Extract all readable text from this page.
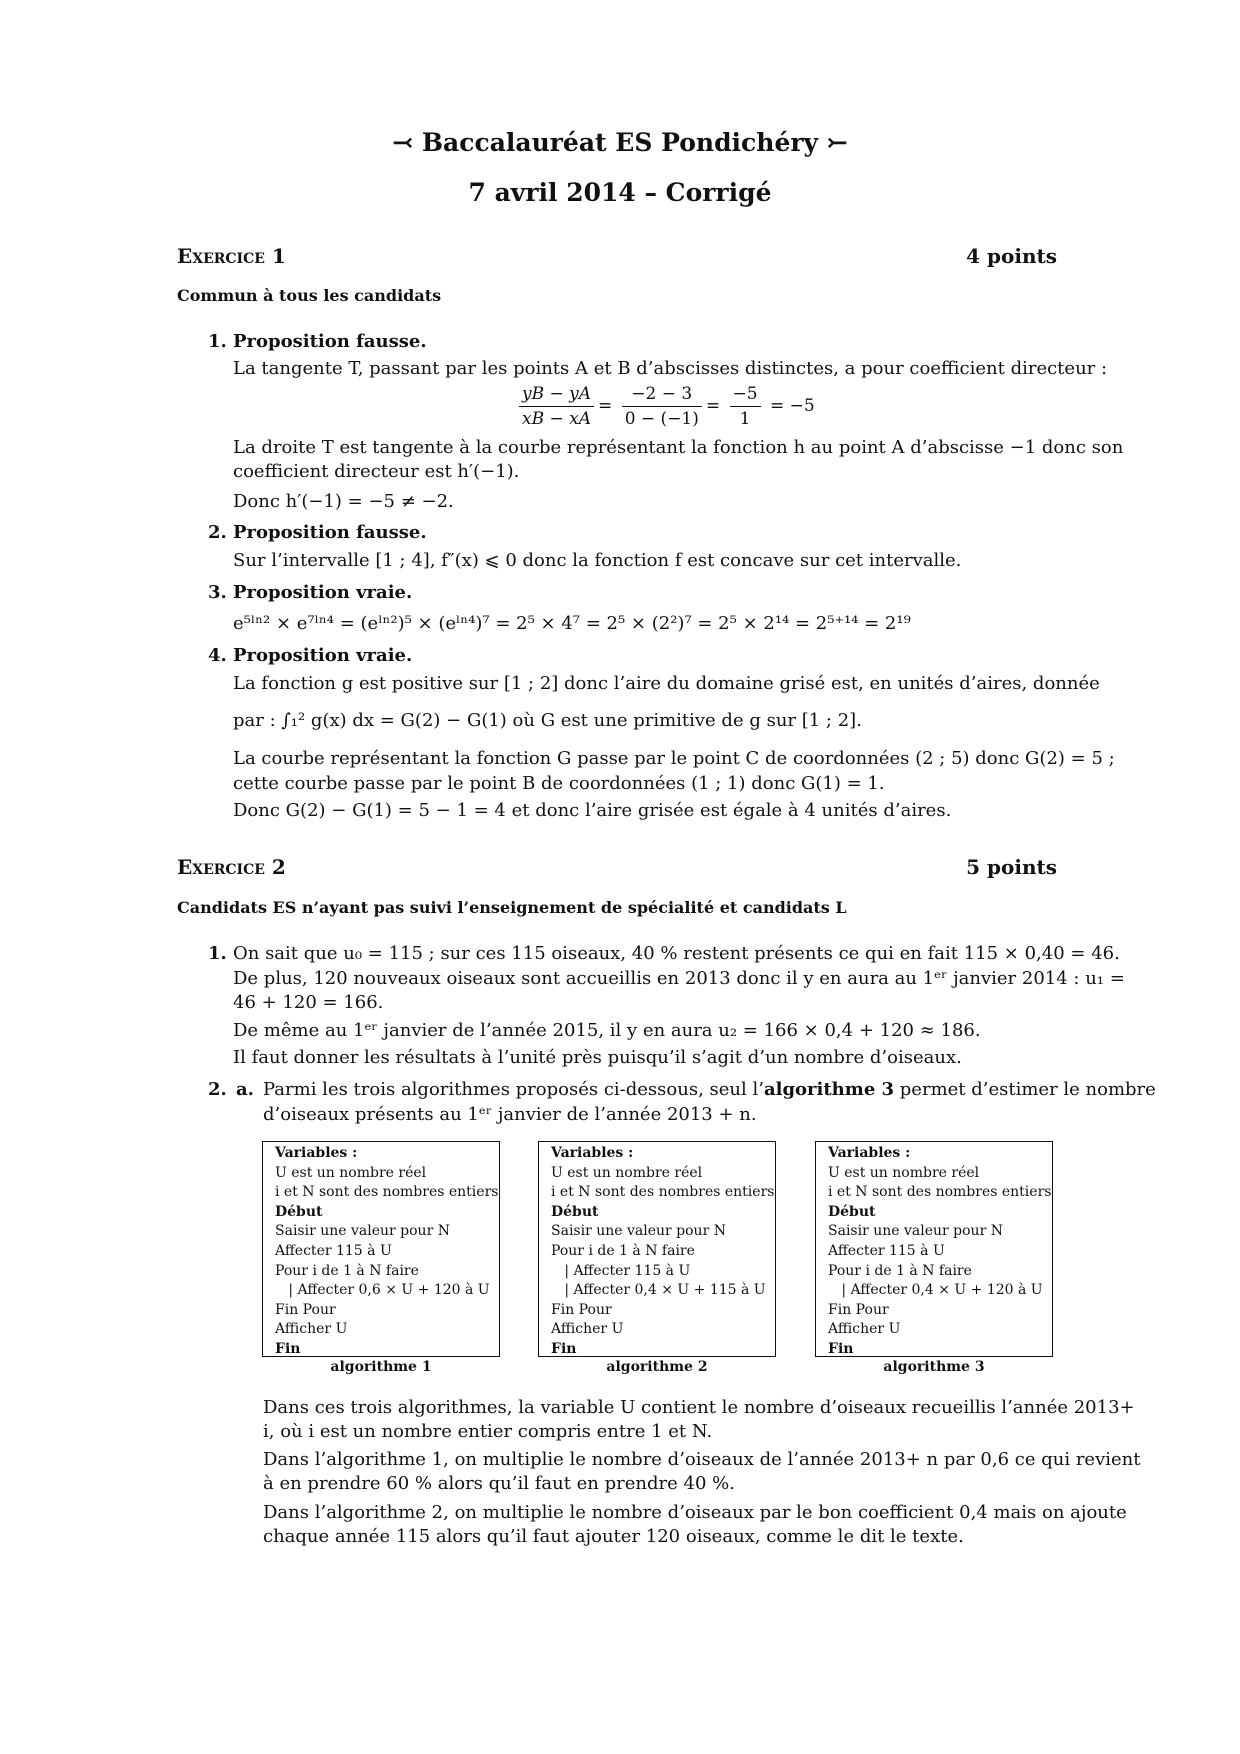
⤙ Baccalauréat ES Pondichéry ⤚
7 avril 2014 – Corrigé
Exercice 1	4 points
Commun à tous les candidats
1. Proposition fausse.
La tangente T, passant par les points A et B d’abscisses distinctes, a pour coefficient directeur :
$\frac{yB - yA}{xB - xA} = \frac{-2 - 3}{0 - (-1)} = \frac{-5}{1} = -5$
La droite T est tangente à la courbe représentant la fonction h au point A d’abscisse −1 donc son
coefficient directeur est h′(−1).
Donc h′(−1) = −5 ≠ −2.
2. Proposition fausse.
Sur l’intervalle [1 ; 4], f″(x) ⩽ 0 donc la fonction f est concave sur cet intervalle.
3. Proposition vraie.
e⁵ˡⁿ² × e⁷ˡⁿ⁴ = (eˡⁿ²)⁵ × (eˡⁿ⁴)⁷ = 2⁵ × 4⁷ = 2⁵ × (2²)⁷ = 2⁵ × 2¹⁴ = 2⁵⁺¹⁴ = 2¹⁹
4. Proposition vraie.
La fonction g est positive sur [1 ; 2] donc l’aire du domaine grisé est, en unités d’aires, donnée
par : ∫₁² g(x) dx = G(2) − G(1) où G est une primitive de g sur [1 ; 2].
La courbe représentant la fonction G passe par le point C de coordonnées (2 ; 5) donc G(2) = 5 ;
cette courbe passe par le point B de coordonnées (1 ; 1) donc G(1) = 1.
Donc G(2) − G(1) = 5 − 1 = 4 et donc l’aire grisée est égale à 4 unités d’aires.
Exercice 2	5 points
Candidats ES n’ayant pas suivi l’enseignement de spécialité et candidats L
1. On sait que u₀ = 115 ; sur ces 115 oiseaux, 40 % restent présents ce qui en fait 115 × 0,40 = 46.
De plus, 120 nouveaux oiseaux sont accueillis en 2013 donc il y en aura au 1ᵉʳ janvier 2014 : u₁ =
46 + 120 = 166.
De même au 1ᵉʳ janvier de l’année 2015, il y en aura u₂ = 166 × 0,4 + 120 ≈ 186.
Il faut donner les résultats à l’unité près puisqu’il s’agit d’un nombre d’oiseaux.
2. a. Parmi les trois algorithmes proposés ci-dessous, seul l’algorithme 3 permet d’estimer le nombre
d’oiseaux présents au 1ᵉʳ janvier de l’année 2013 + n.
Variables :
U est un nombre réel
i et N sont des nombres entiers
Début
Saisir une valeur pour N
Affecter 115 à U
Pour i de 1 à N faire
| Affecter 0,6 × U + 120 à U
Fin Pour
Afficher U
Fin
algorithme 1
Variables :
U est un nombre réel
i et N sont des nombres entiers
Début
Saisir une valeur pour N
Pour i de 1 à N faire
| Affecter 115 à U
| Affecter 0,4 × U + 115 à U
Fin Pour
Afficher U
Fin
algorithme 2
Variables :
U est un nombre réel
i et N sont des nombres entiers
Début
Saisir une valeur pour N
Affecter 115 à U
Pour i de 1 à N faire
| Affecter 0,4 × U + 120 à U
Fin Pour
Afficher U
Fin
algorithme 3
Dans ces trois algorithmes, la variable U contient le nombre d’oiseaux recueillis l’année 2013+
i, où i est un nombre entier compris entre 1 et N.
Dans l’algorithme 1, on multiplie le nombre d’oiseaux de l’année 2013+ n par 0,6 ce qui revient
à en prendre 60 % alors qu’il faut en prendre 40 %.
Dans l’algorithme 2, on multiplie le nombre d’oiseaux par le bon coefficient 0,4 mais on ajoute
chaque année 115 alors qu’il faut ajouter 120 oiseaux, comme le dit le texte.
